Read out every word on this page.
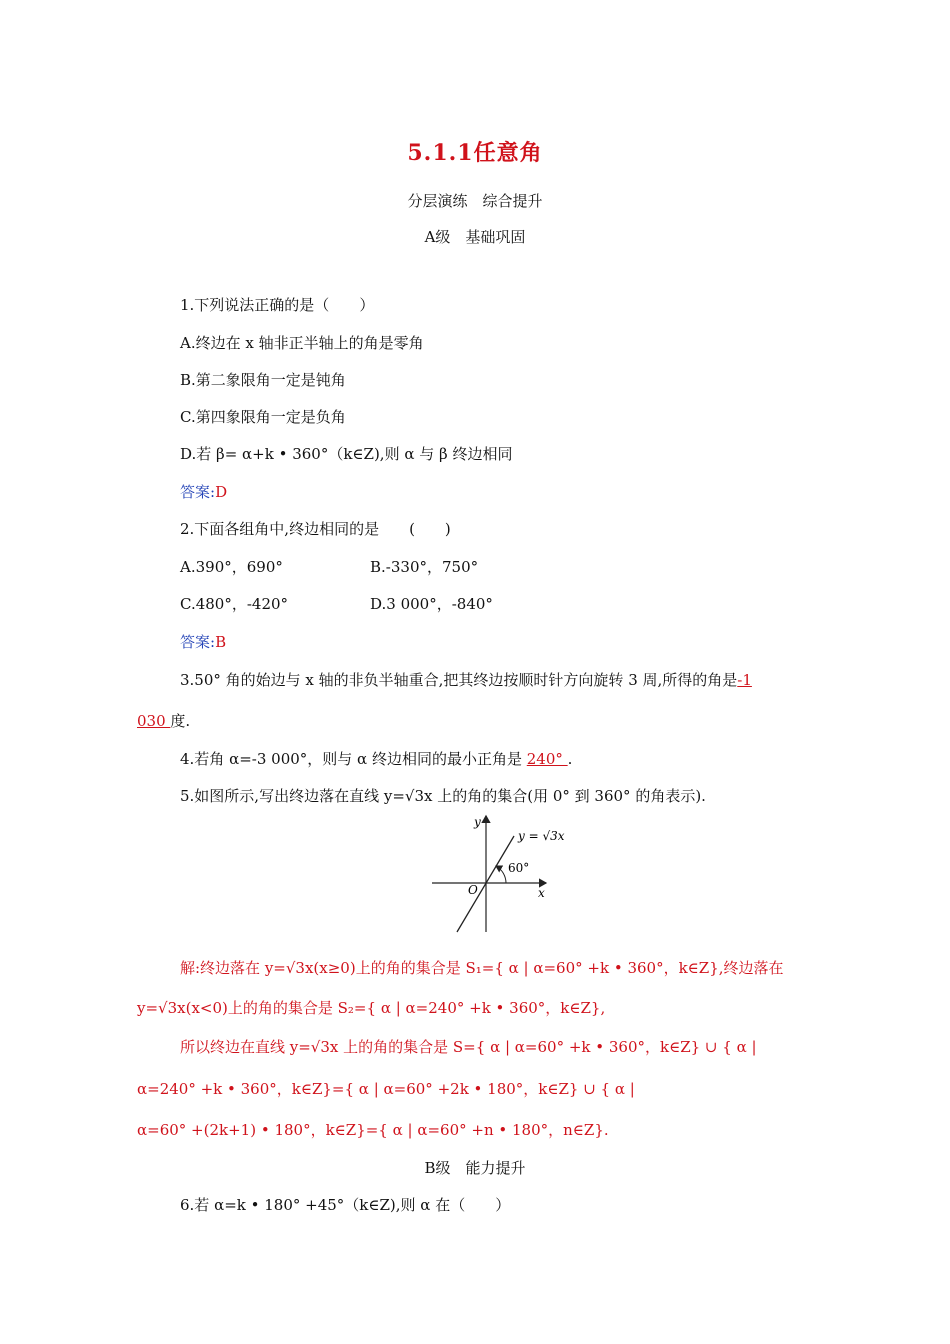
5.1.1任意角
分层演练　综合提升
A级　基础巩固
1.下列说法正确的是（　　）
A.终边在 x 轴非正半轴上的角是零角
B.第二象限角一定是钝角
C.第四象限角一定是负角
D.若 β= α+k • 360°（k∈Z),则 α 与 β 终边相同
答案:D
2.下面各组角中,终边相同的是　　(　　)
A.390°，690°	B.-330°，750°
C.480°，-420°	D.3 000°，-840°
答案:B
3.50° 角的始边与 x 轴的非负半轴重合,把其终边按顺时针方向旋转 3 周,所得的角是-1
030 度.
4.若角 α=-3 000°，则与 α 终边相同的最小正角是 240° .
5.如图所示,写出终边落在直线 y=√3x 上的角的集合(用 0° 到 360° 的角表示).
y
x
O
60°
y = √3x
解:终边落在 y=√3x(x≥0)上的角的集合是 S₁={ α | α=60° +k • 360°，k∈Z},终边落在
y=√3x(x<0)上的角的集合是 S₂={ α | α=240° +k • 360°，k∈Z},
所以终边在直线 y=√3x 上的角的集合是 S={ α | α=60° +k • 360°，k∈Z} ∪ { α |
α=240° +k • 360°，k∈Z}={ α | α=60° +2k • 180°，k∈Z} ∪ { α |
α=60° +(2k+1) • 180°，k∈Z}={ α | α=60° +n • 180°，n∈Z}.
B级　能力提升
6.若 α=k • 180° +45°（k∈Z),则 α 在（　　）
